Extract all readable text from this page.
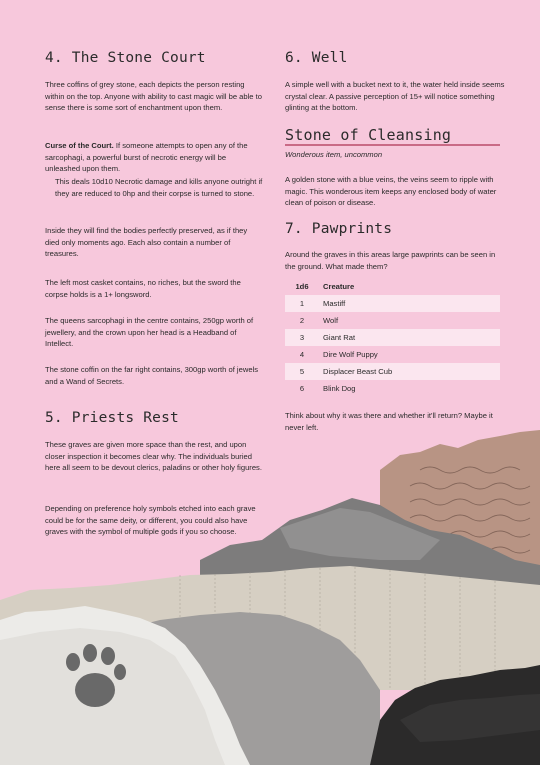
4. The Stone Court

Three coffins of grey stone, each depicts the person resting within on the top. Anyone with ability to cast magic will be able to sense there is some sort of enchantment upon them.

Curse of the Court. If someone attempts to open any of the sarcophagi, a powerful burst of necrotic energy will be unleashed upon them.

This deals 10d10 Necrotic damage and kills anyone outright if they are reduced to 0hp and their corpse is turned to stone.

Inside they will find the bodies perfectly preserved, as if they died only moments ago. Each also contain a number of treasures.

The left most casket contains, no riches, but the sword the corpse holds is a 1+ longsword.

The queens sarcophagi in the centre contains, 250gp worth of jewellery, and the crown upon her head is a Headband of Intellect.

The stone coffin on the far right contains, 300gp worth of jewels and a Wand of Secrets.

5. Priests Rest

These graves are given more space than the rest, and upon closer inspection it becomes clear why. The individuals buried here all seem to be devout clerics, paladins or other holy figures.

Depending on preference holy symbols etched into each grave could be for the same deity, or different, you could also have graves with the symbol of multiple gods if you so choose.

6. Well

A simple well with a bucket next to it, the water held inside seems crystal clear. A passive perception of 15+ will notice something glinting at the bottom.

Stone of Cleansing

Wonderous item, uncommon

A golden stone with a blue veins, the veins seem to ripple with magic. This wonderous item keeps any enclosed body of water clean of poison or disease.

7. Pawprints

Around the graves in this areas large pawprints can be seen in the ground. What made them?

1d6	Creature
1	Mastiff
2	Wolf
3	Giant Rat
4	Dire Wolf Puppy
5	Displacer Beast Cub
6	Blink Dog

Think about why it was there and whether it'll return? Maybe it never left.
